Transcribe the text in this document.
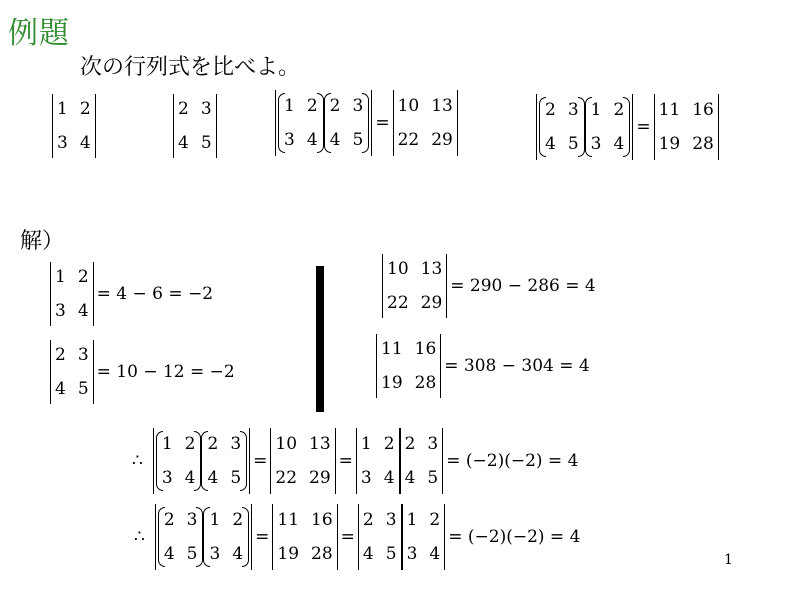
例題
次の行列式を比べよ。
1 2
3 4
2 3
4 5
1 2
3 4
2 3
4 5
=
10 13
22 29
2 3
4 5
1 2
3 4
=
11 16
19 28
解）
1 2
3 4
= 4 − 6 = −2
2 3
4 5
= 10 − 12 = −2
10 13
22 29
= 290 − 286 = 4
11 16
19 28
= 308 − 304 = 4
∴
1 2
3 4
2 3
4 5
=
10 13
22 29
=
1 2
3 4
2 3
4 5
= (−2)(−2) = 4
∴
2 3
4 5
1 2
3 4
=
11 16
19 28
=
2 3
4 5
1 2
3 4
= (−2)(−2) = 4
1
